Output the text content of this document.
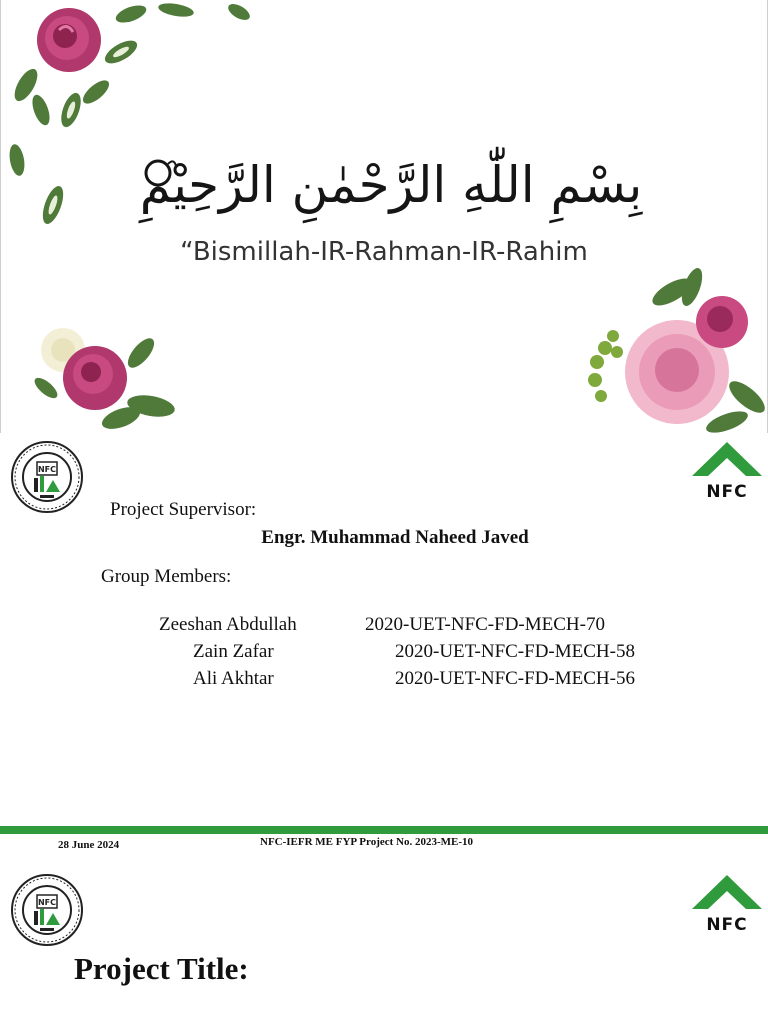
بِسْمِ اللّٰهِ الرَّحْمٰنِ الرَّحِيْمِ
“Bismillah-IR-Rahman-IR-Rahim
NFC
NFC
Project Supervisor:
Engr. Muhammad Naheed Javed
Group Members:
Zeeshan Abdullah	2020-UET-NFC-FD-MECH-70
Zain Zafar	2020-UET-NFC-FD-MECH-58
Ali Akhtar	2020-UET-NFC-FD-MECH-56
28 June 2024	NFC-IEFR ME FYP Project No. 2023-ME-10
NFC
NFC
Project Title:
